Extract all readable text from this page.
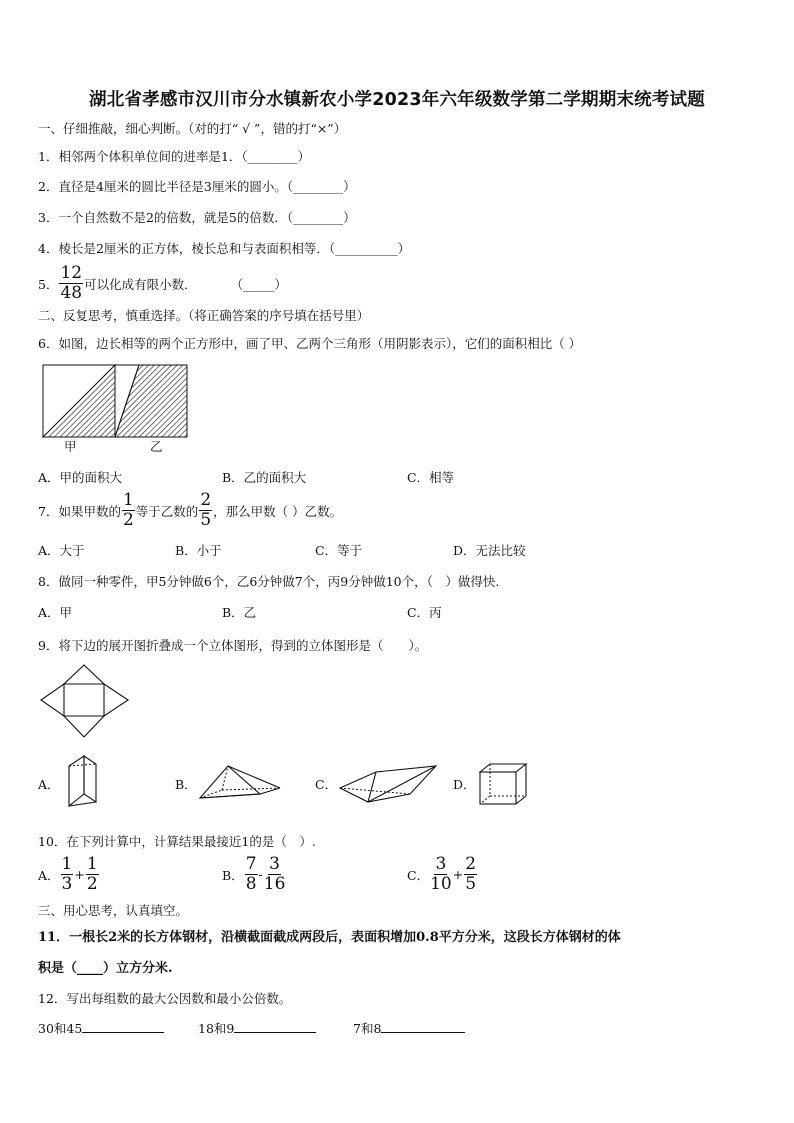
湖北省孝感市汉川市分水镇新农小学2023年六年级数学第二学期期末统考试题
一、仔细推敲，细心判断。（对的打“ √ ”，错的打“×”）
1．相邻两个体积单位间的进率是1．（________）
2．直径是4厘米的圆比半径是3厘米的圆小。（________）
3．一个自然数不是2的倍数，就是5的倍数．（________）
4．棱长是2厘米的正方体，棱长总和与表面积相等．（__________）
5． $\frac{12}{48}$ 可以化成有限小数．	（_____）
二、反复思考，慎重选择。（将正确答案的序号填在括号里）
6．如图，边长相等的两个正方形中，画了甲、乙两个三角形（用阴影表示），它们的面积相比（ ）
甲	乙
A．甲的面积大	B．乙的面积大	C．相等
7．如果甲数的 $\frac{1}{2}$ 等于乙数的 $\frac{2}{5}$ ，那么甲数（ ）乙数。
A．大于	B．小于	C．等于	D．无法比较
8．做同一种零件，甲5分钟做6个，乙6分钟做7个，丙9分钟做10个，（　）做得快.
A．甲	B．乙	C．丙
9．将下边的展开图折叠成一个立体图形，得到的立体图形是（　　）。
A．	B．	C．	D．
10．在下列计算中，计算结果最接近1的是（　）.
A． $\frac{1}{3} + \frac{1}{2}$	B． $\frac{7}{8} - \frac{3}{16}$	C． $\frac{3}{10} + \frac{2}{5}$
三、用心思考，认真填空。
11．一根长2米的长方体钢材，沿横截面截成两段后，表面积增加0.8平方分米，这段长方体钢材的体
积是（____）立方分米.
12．写出每组数的最大公因数和最小公倍数。
30和45	18和9	7和8
